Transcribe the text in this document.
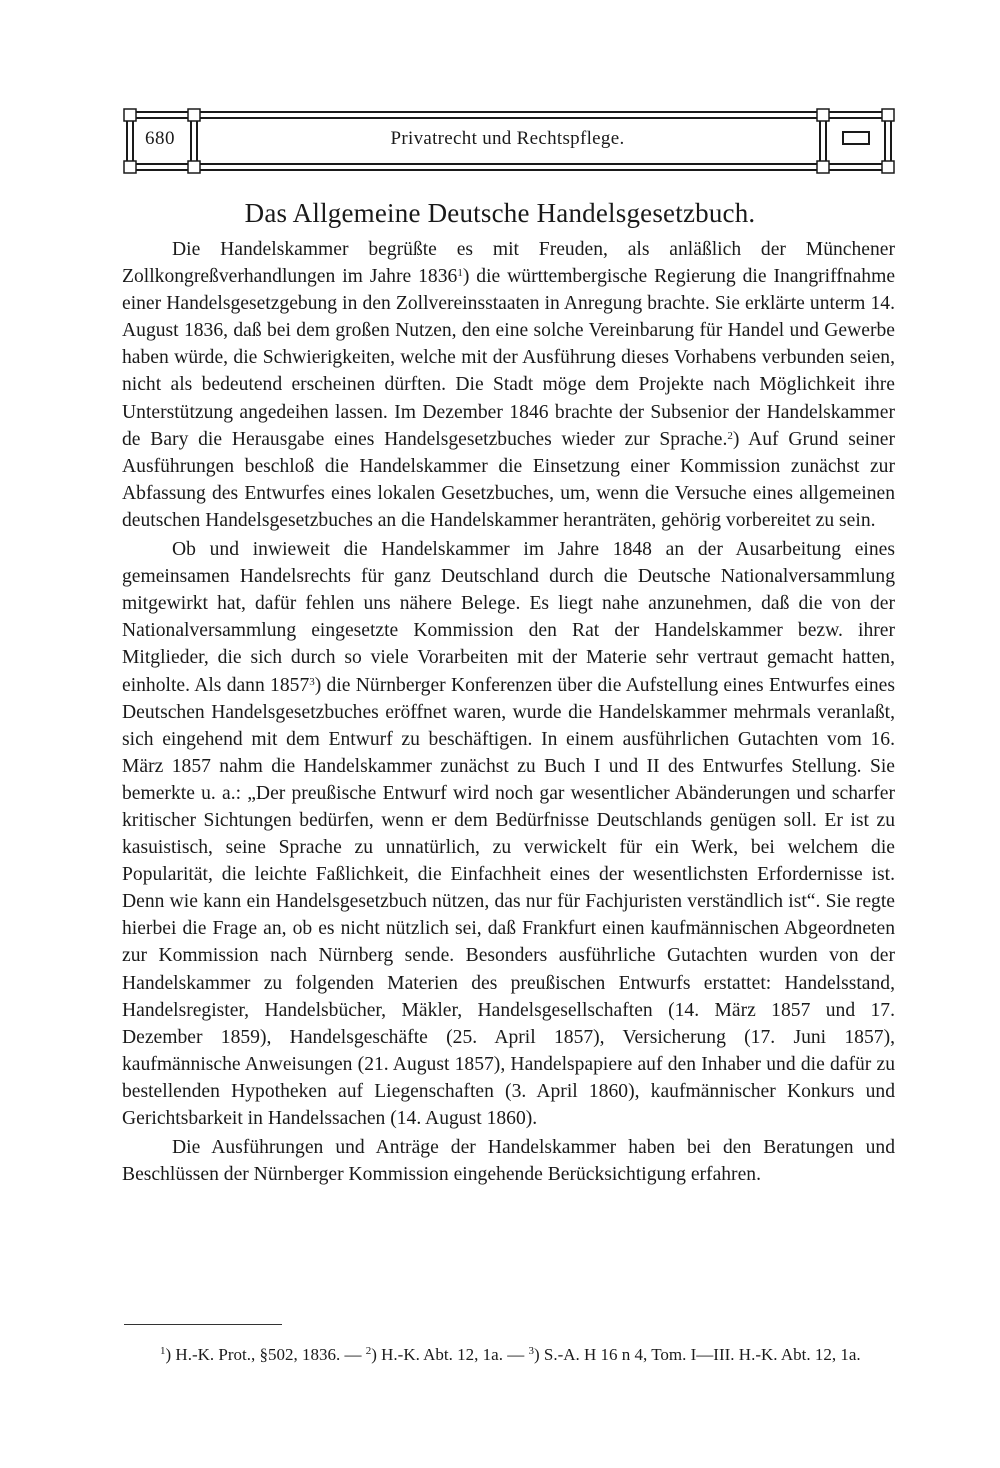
680	Privatrecht und Rechtspflege.
Das Allgemeine Deutsche Handelsgesetzbuch.

Die Handelskammer begrüßte es mit Freuden, als anläßlich der Münchener Zollkongreßverhandlungen im Jahre 1836$^1$) die württembergische Regierung die Inangriffnahme einer Handelsgesetzgebung in den Zollvereinsstaaten in Anregung brachte. Sie erklärte unterm 14. August 1836, daß bei dem großen Nutzen, den eine solche Vereinbarung für Handel und Gewerbe haben würde, die Schwierigkeiten, welche mit der Ausführung dieses Vorhabens verbunden seien, nicht als bedeutend erscheinen dürften. Die Stadt möge dem Projekte nach Möglichkeit ihre Unterstützung angedeihen lassen. Im Dezember 1846 brachte der Subsenior der Handelskammer de Bary die Herausgabe eines Handelsgesetzbuches wieder zur Sprache.$^2$) Auf Grund seiner Ausführungen beschloß die Handelskammer die Einsetzung einer Kommission zunächst zur Abfassung des Entwurfes eines lokalen Gesetzbuches, um, wenn die Versuche eines allgemeinen deutschen Handelsgesetzbuches an die Handelskammer heranträten, gehörig vorbereitet zu sein.

Ob und inwieweit die Handelskammer im Jahre 1848 an der Ausarbeitung eines gemeinsamen Handelsrechts für ganz Deutschland durch die Deutsche Nationalversammlung mitgewirkt hat, dafür fehlen uns nähere Belege. Es liegt nahe anzunehmen, daß die von der Nationalversammlung eingesetzte Kommission den Rat der Handelskammer bezw. ihrer Mitglieder, die sich durch so viele Vorarbeiten mit der Materie sehr vertraut gemacht hatten, einholte. Als dann 1857$^3$) die Nürnberger Konferenzen über die Aufstellung eines Entwurfes eines Deutschen Handelsgesetzbuches eröffnet waren, wurde die Handelskammer mehrmals veranlaßt, sich eingehend mit dem Entwurf zu beschäftigen. In einem ausführlichen Gutachten vom 16. März 1857 nahm die Handelskammer zunächst zu Buch I und II des Entwurfes Stellung. Sie bemerkte u. a.: „Der preußische Entwurf wird noch gar wesentlicher Abänderungen und scharfer kritischer Sichtungen bedürfen, wenn er dem Bedürfnisse Deutschlands genügen soll. Er ist zu kasuistisch, seine Sprache zu unnatürlich, zu verwickelt für ein Werk, bei welchem die Popularität, die leichte Faßlichkeit, die Einfachheit eines der wesentlichsten Erfordernisse ist. Denn wie kann ein Handelsgesetzbuch nützen, das nur für Fachjuristen verständlich ist“. Sie regte hierbei die Frage an, ob es nicht nützlich sei, daß Frankfurt einen kaufmännischen Abgeordneten zur Kommission nach Nürnberg sende. Besonders ausführliche Gutachten wurden von der Handelskammer zu folgenden Materien des preußischen Entwurfs erstattet: Handelsstand, Handelsregister, Handelsbücher, Mäkler, Handelsgesellschaften (14. März 1857 und 17. Dezember 1859), Handelsgeschäfte (25. April 1857), Versicherung (17. Juni 1857), kaufmännische Anweisungen (21. August 1857), Handelspapiere auf den Inhaber und die dafür zu bestellenden Hypotheken auf Liegenschaften (3. April 1860), kaufmännischer Konkurs und Gerichtsbarkeit in Handelssachen (14. August 1860).

Die Ausführungen und Anträge der Handelskammer haben bei den Beratungen und Beschlüssen der Nürnberger Kommission eingehende Berücksichtigung erfahren.

$^1$) H.-K. Prot., §502, 1836. — $^2$) H.-K. Abt. 12, 1a. — $^3$) S.-A. H 16 n 4, Tom. I—III. H.-K. Abt. 12, 1a.
